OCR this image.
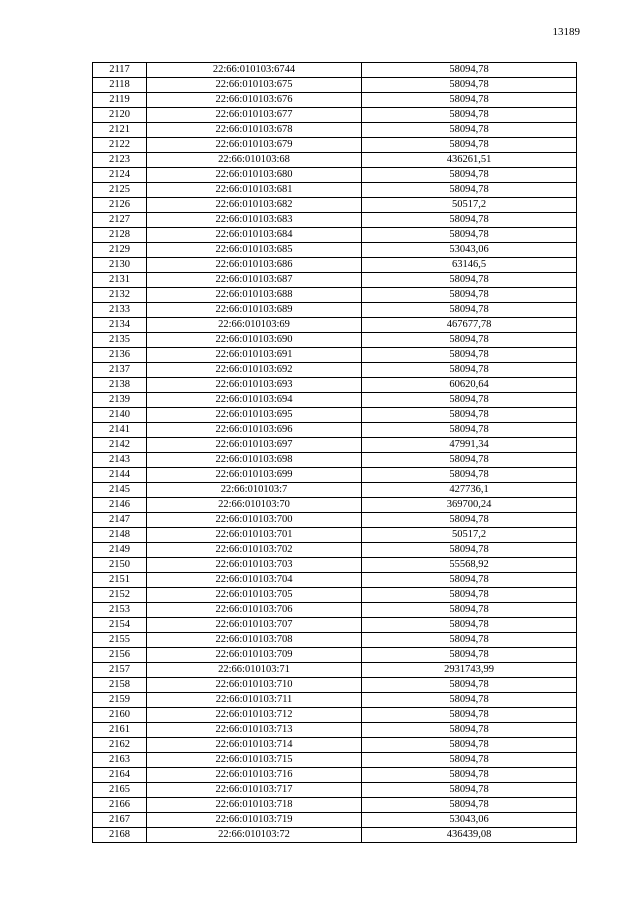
13189
2117	22:66:010103:6744	58094,78
2118	22:66:010103:675	58094,78
2119	22:66:010103:676	58094,78
2120	22:66:010103:677	58094,78
2121	22:66:010103:678	58094,78
2122	22:66:010103:679	58094,78
2123	22:66:010103:68	436261,51
2124	22:66:010103:680	58094,78
2125	22:66:010103:681	58094,78
2126	22:66:010103:682	50517,2
2127	22:66:010103:683	58094,78
2128	22:66:010103:684	58094,78
2129	22:66:010103:685	53043,06
2130	22:66:010103:686	63146,5
2131	22:66:010103:687	58094,78
2132	22:66:010103:688	58094,78
2133	22:66:010103:689	58094,78
2134	22:66:010103:69	467677,78
2135	22:66:010103:690	58094,78
2136	22:66:010103:691	58094,78
2137	22:66:010103:692	58094,78
2138	22:66:010103:693	60620,64
2139	22:66:010103:694	58094,78
2140	22:66:010103:695	58094,78
2141	22:66:010103:696	58094,78
2142	22:66:010103:697	47991,34
2143	22:66:010103:698	58094,78
2144	22:66:010103:699	58094,78
2145	22:66:010103:7	427736,1
2146	22:66:010103:70	369700,24
2147	22:66:010103:700	58094,78
2148	22:66:010103:701	50517,2
2149	22:66:010103:702	58094,78
2150	22:66:010103:703	55568,92
2151	22:66:010103:704	58094,78
2152	22:66:010103:705	58094,78
2153	22:66:010103:706	58094,78
2154	22:66:010103:707	58094,78
2155	22:66:010103:708	58094,78
2156	22:66:010103:709	58094,78
2157	22:66:010103:71	2931743,99
2158	22:66:010103:710	58094,78
2159	22:66:010103:711	58094,78
2160	22:66:010103:712	58094,78
2161	22:66:010103:713	58094,78
2162	22:66:010103:714	58094,78
2163	22:66:010103:715	58094,78
2164	22:66:010103:716	58094,78
2165	22:66:010103:717	58094,78
2166	22:66:010103:718	58094,78
2167	22:66:010103:719	53043,06
2168	22:66:010103:72	436439,08
